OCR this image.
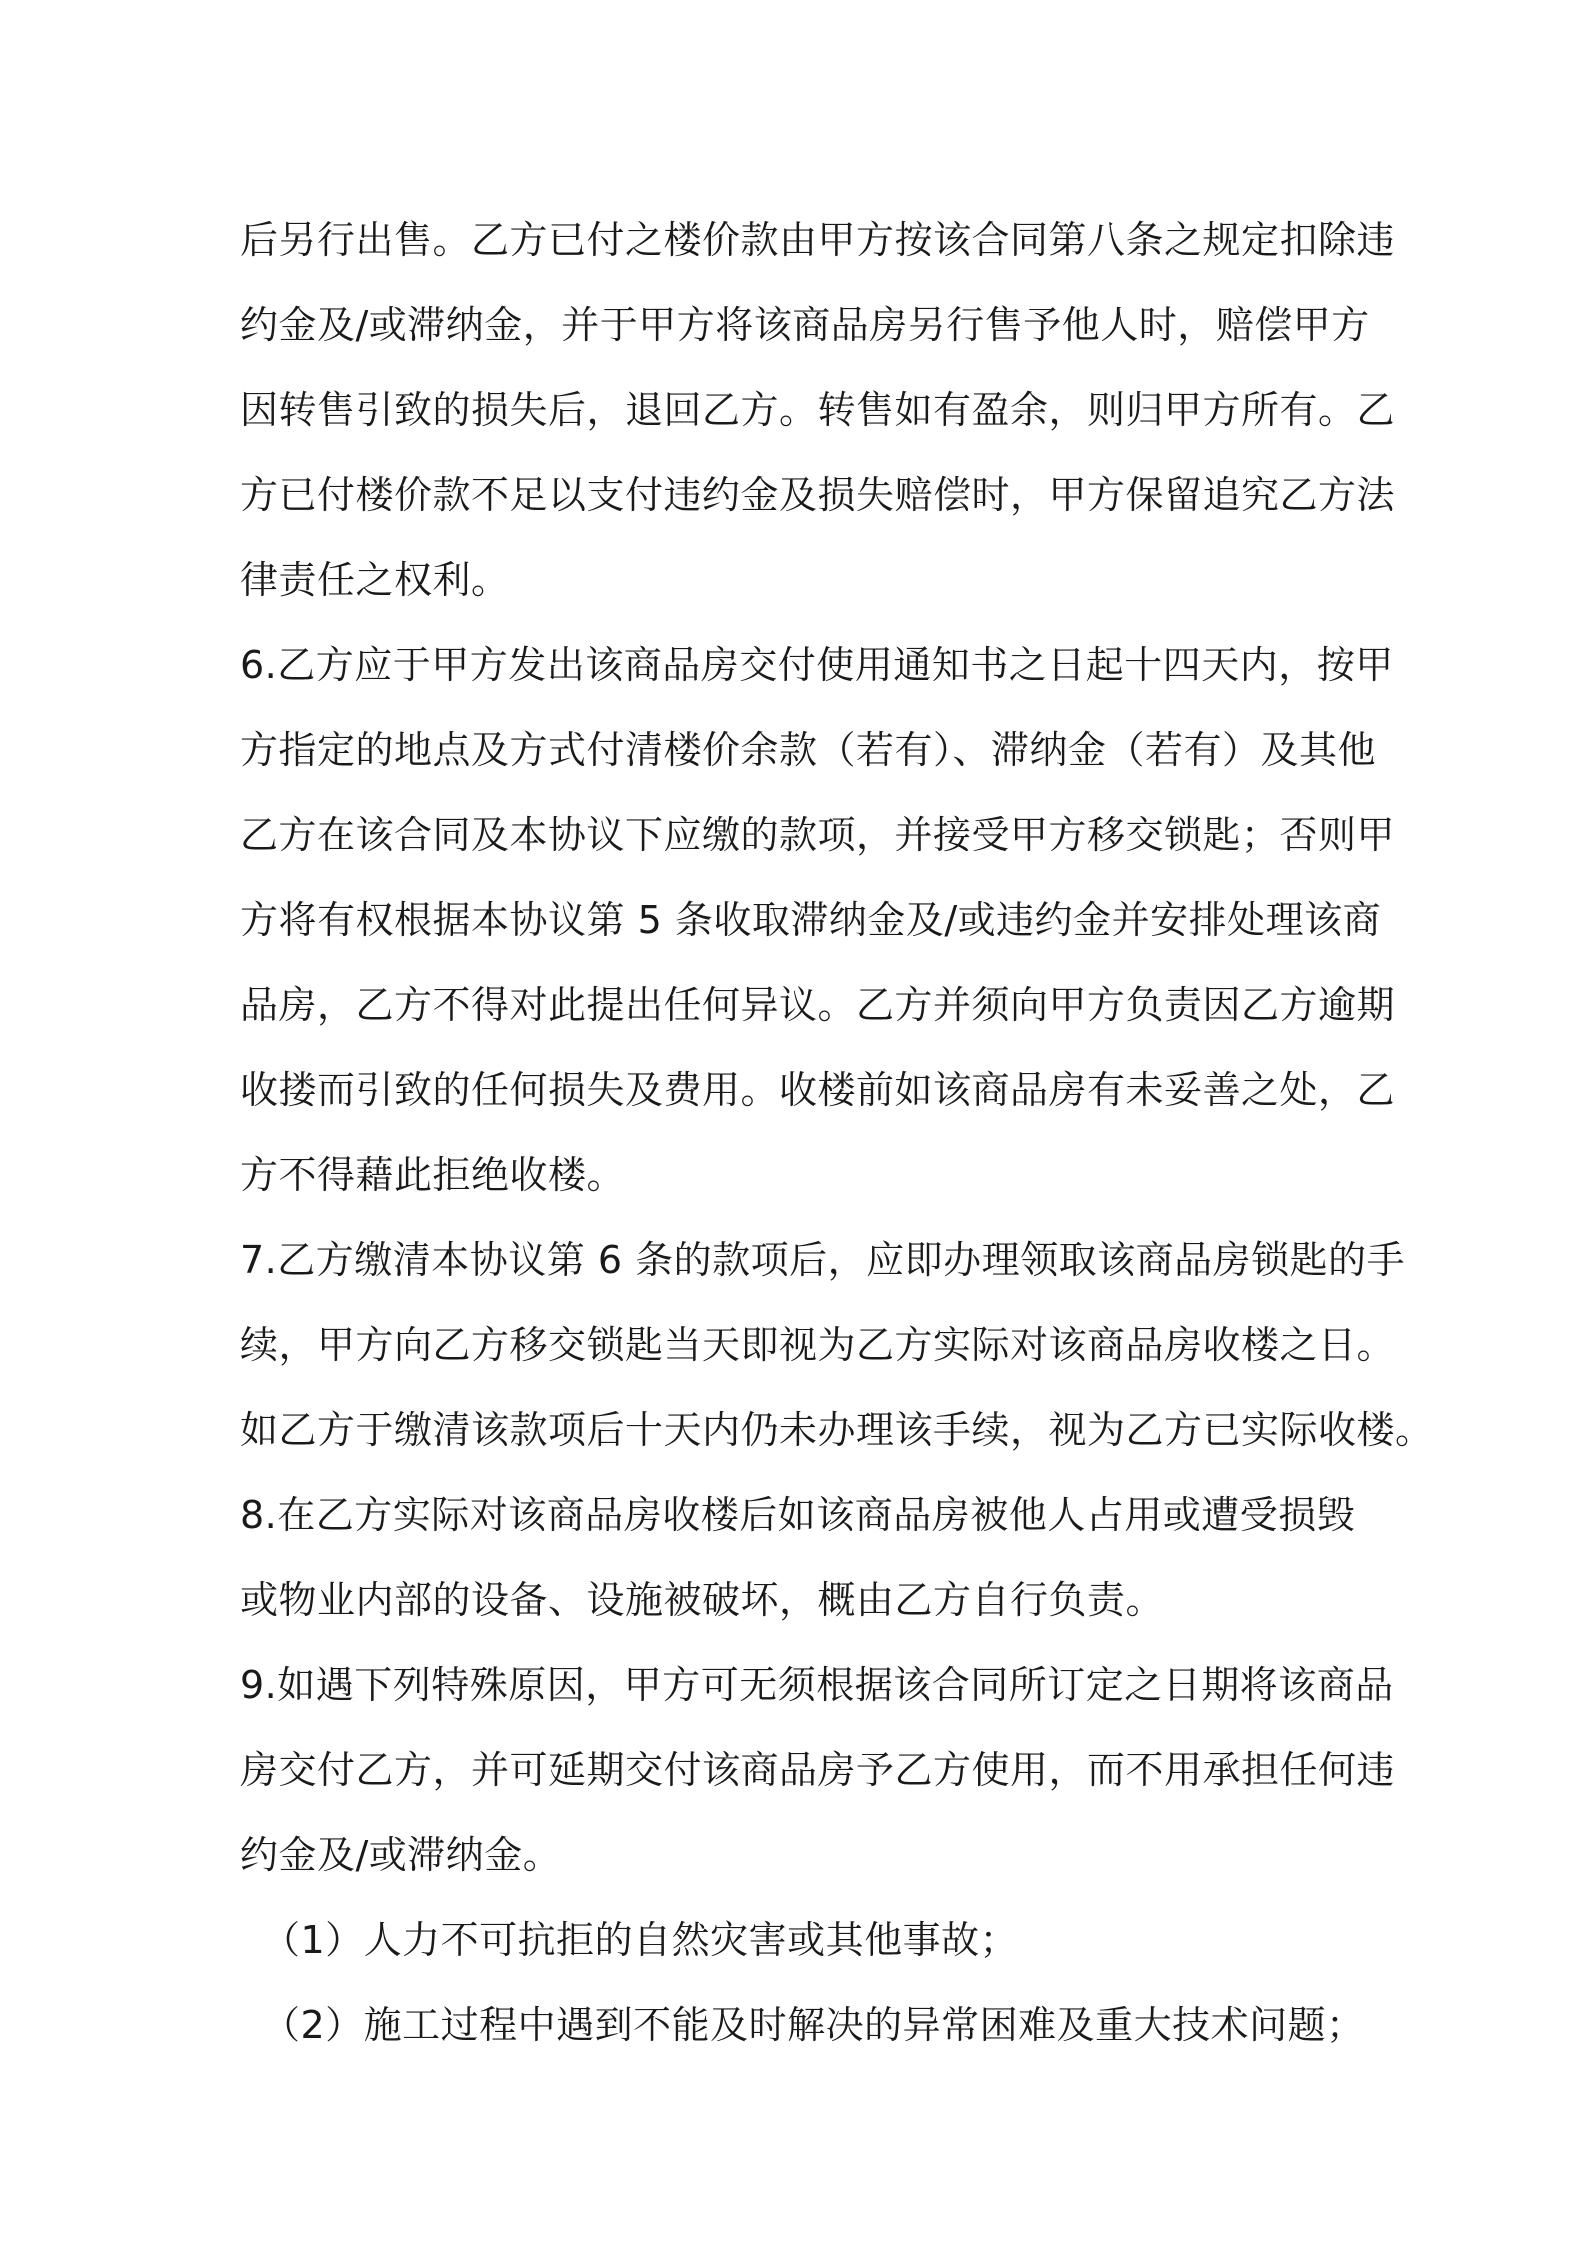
后另行出售。乙方已付之楼价款由甲方按该合同第八条之规定扣除违
约金及/或滞纳金，并于甲方将该商品房另行售予他人时，赔偿甲方
因转售引致的损失后，退回乙方。转售如有盈余，则归甲方所有。乙
方已付楼价款不足以支付违约金及损失赔偿时，甲方保留追究乙方法
律责任之权利。
6.乙方应于甲方发出该商品房交付使用通知书之日起十四天内，按甲
方指定的地点及方式付清楼价余款（若有）、滞纳金（若有）及其他
乙方在该合同及本协议下应缴的款项，并接受甲方移交锁匙；否则甲
方将有权根据本协议第 5 条收取滞纳金及/或违约金并安排处理该商
品房，乙方不得对此提出任何异议。乙方并须向甲方负责因乙方逾期
收搂而引致的任何损失及费用。收楼前如该商品房有未妥善之处，乙
方不得藉此拒绝收楼。
7.乙方缴清本协议第 6 条的款项后，应即办理领取该商品房锁匙的手
续，甲方向乙方移交锁匙当天即视为乙方实际对该商品房收楼之日。
如乙方于缴清该款项后十天内仍未办理该手续，视为乙方已实际收楼。
8.在乙方实际对该商品房收楼后如该商品房被他人占用或遭受损毁
或物业内部的设备、设施被破坏，概由乙方自行负责。
9.如遇下列特殊原因，甲方可无须根据该合同所订定之日期将该商品
房交付乙方，并可延期交付该商品房予乙方使用，而不用承担任何违
约金及/或滞纳金。
（1）人力不可抗拒的自然灾害或其他事故；
（2）施工过程中遇到不能及时解决的异常困难及重大技术问题；
